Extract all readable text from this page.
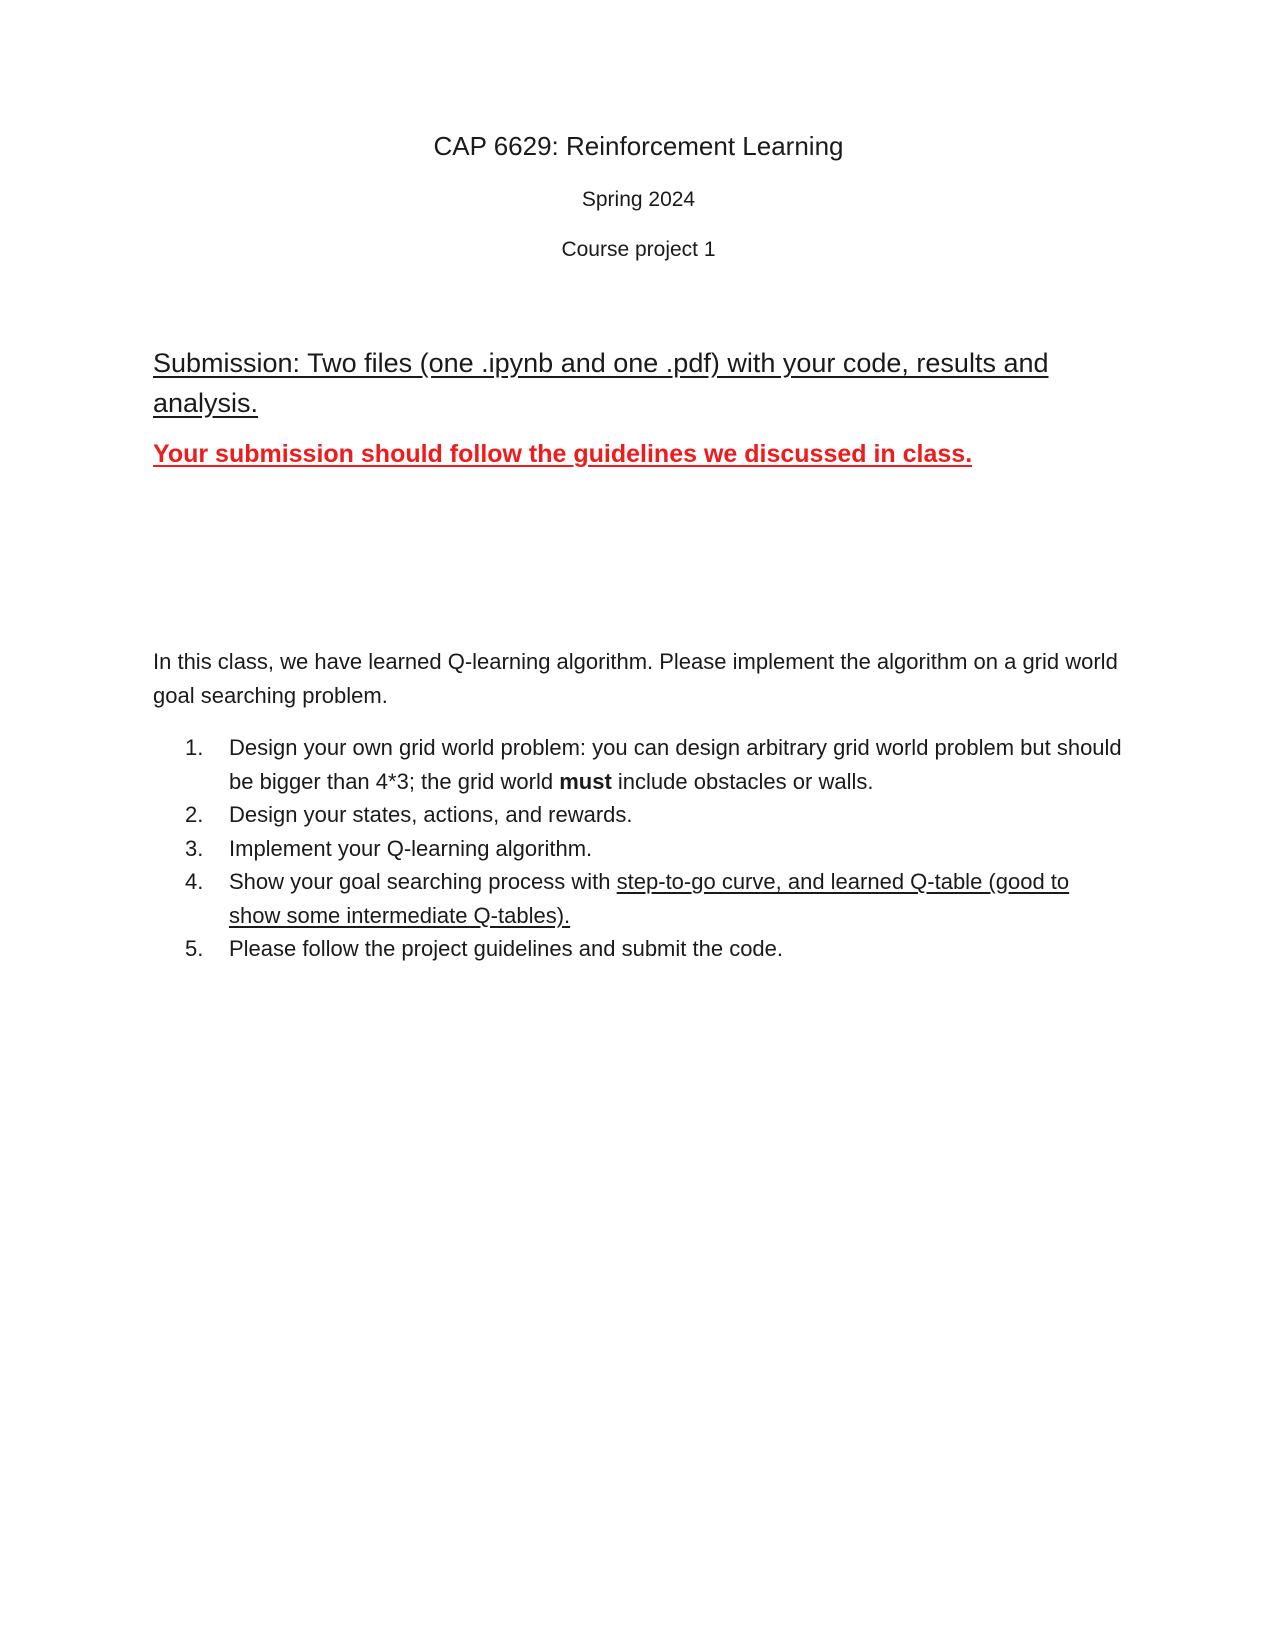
CAP 6629: Reinforcement Learning
Spring 2024
Course project 1
Submission: Two files (one .ipynb and one .pdf) with your code, results and analysis.
Your submission should follow the guidelines we discussed in class.
In this class, we have learned Q-learning algorithm. Please implement the algorithm on a grid world goal searching problem.
1.	Design your own grid world problem: you can design arbitrary grid world problem but should be bigger than 4*3; the grid world must include obstacles or walls.
2.	Design your states, actions, and rewards.
3.	Implement your Q-learning algorithm.
4.	Show your goal searching process with step-to-go curve, and learned Q-table (good to show some intermediate Q-tables).
5.	Please follow the project guidelines and submit the code.
